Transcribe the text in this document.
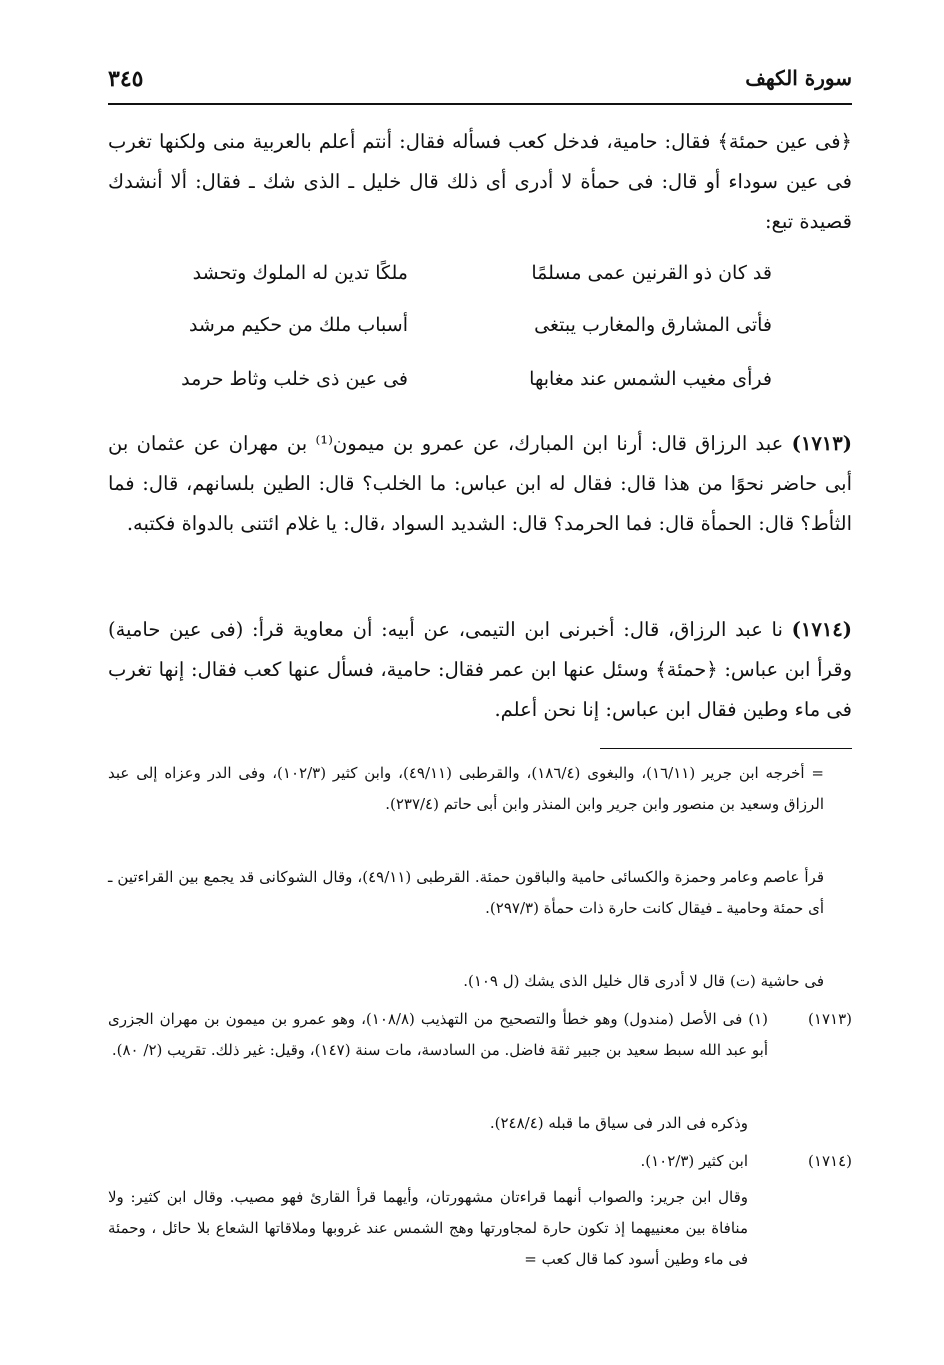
٣٤٥	سورة الكهف
﴿فى عين حمئة﴾ فقال: حامية، فدخل كعب فسأله فقال: أنتم أعلم بالعربية منى ولكنها تغرب فى عين سوداء أو قال: فى حمأة لا أدرى أى ذلك قال خليل ـ الذى شك ـ فقال: ألا أنشدك قصيدة تبع:
قد كان ذو القرنين عمى مسلمًا
ملكًا تدين له الملوك وتحشد
فأتى المشارق والمغارب يبتغى
أسباب ملك من حكيم مرشد
فرأى مغيب الشمس عند مغابها
فى عين ذى خلب وثاط حرمد
(١٧١٣) عبد الرزاق قال: أرنا ابن المبارك، عن عمرو بن ميمون⁽¹⁾ بن مهران عن عثمان بن أبى حاضر نحوًا من هذا قال: فقال له ابن عباس: ما الخلب؟ قال: الطين بلسانهم، قال: فما الثأط؟ قال: الحمأة قال: فما الحرمد؟ قال: الشديد السواد ،قال: يا غلام ائتنى بالدواة فكتبه.
(١٧١٤) نا عبد الرزاق، قال: أخبرنى ابن التيمى، عن أبيه: أن معاوية قرأ: (فى عين حامية) وقرأ ابن عباس: ﴿حمئة﴾ وسئل عنها ابن عمر فقال: حامية، فسأل عنها كعب فقال: إنها تغرب فى ماء وطين فقال ابن عباس: إنا نحن أعلم.
= أخرجه ابن جرير (١٦/١١)، والبغوى (١٨٦/٤)، والقرطبى (٤٩/١١)، وابن كثير (١٠٢/٣)، وفى الدر وعزاه إلى عبد الرزاق وسعيد بن منصور وابن جرير وابن المنذر وابن أبى حاتم (٢٣٧/٤).
قرأ عاصم وعامر وحمزة والكسائى حامية والباقون حمئة. القرطبى (٤٩/١١)، وقال الشوكانى قد يجمع بين القراءتين ـ أى حمئة وحامية ـ فيقال كانت حارة ذات حمأة (٢٩٧/٣).
فى حاشية (ت) قال لا أدرى قال خليل الذى يشك (ل ١٠٩).
(١٧١٣)
(١) فى الأصل (مندول) وهو خطأ والتصحيح من التهذيب (١٠٨/٨)، وهو عمرو بن ميمون بن مهران الجزرى أبو عبد الله سبط سعيد بن جبير ثقة فاضل. من السادسة، مات سنة (١٤٧)، وقيل: غير ذلك. تقريب (٢/ ٨٠).
وذكره فى الدر فى سياق ما قبله (٢٤٨/٤).
(١٧١٤)
ابن كثير (١٠٢/٣).
وقال ابن جرير: والصواب أنهما قراءتان مشهورتان، وأيهما قرأ القارئ فهو مصيب. وقال ابن كثير: ولا منافاة بين معنييهما إذ تكون حارة لمجاورتها وهج الشمس عند غروبها وملاقاتها الشعاع بلا حائل ، وحمئة فى ماء وطين أسود كما قال كعب =
